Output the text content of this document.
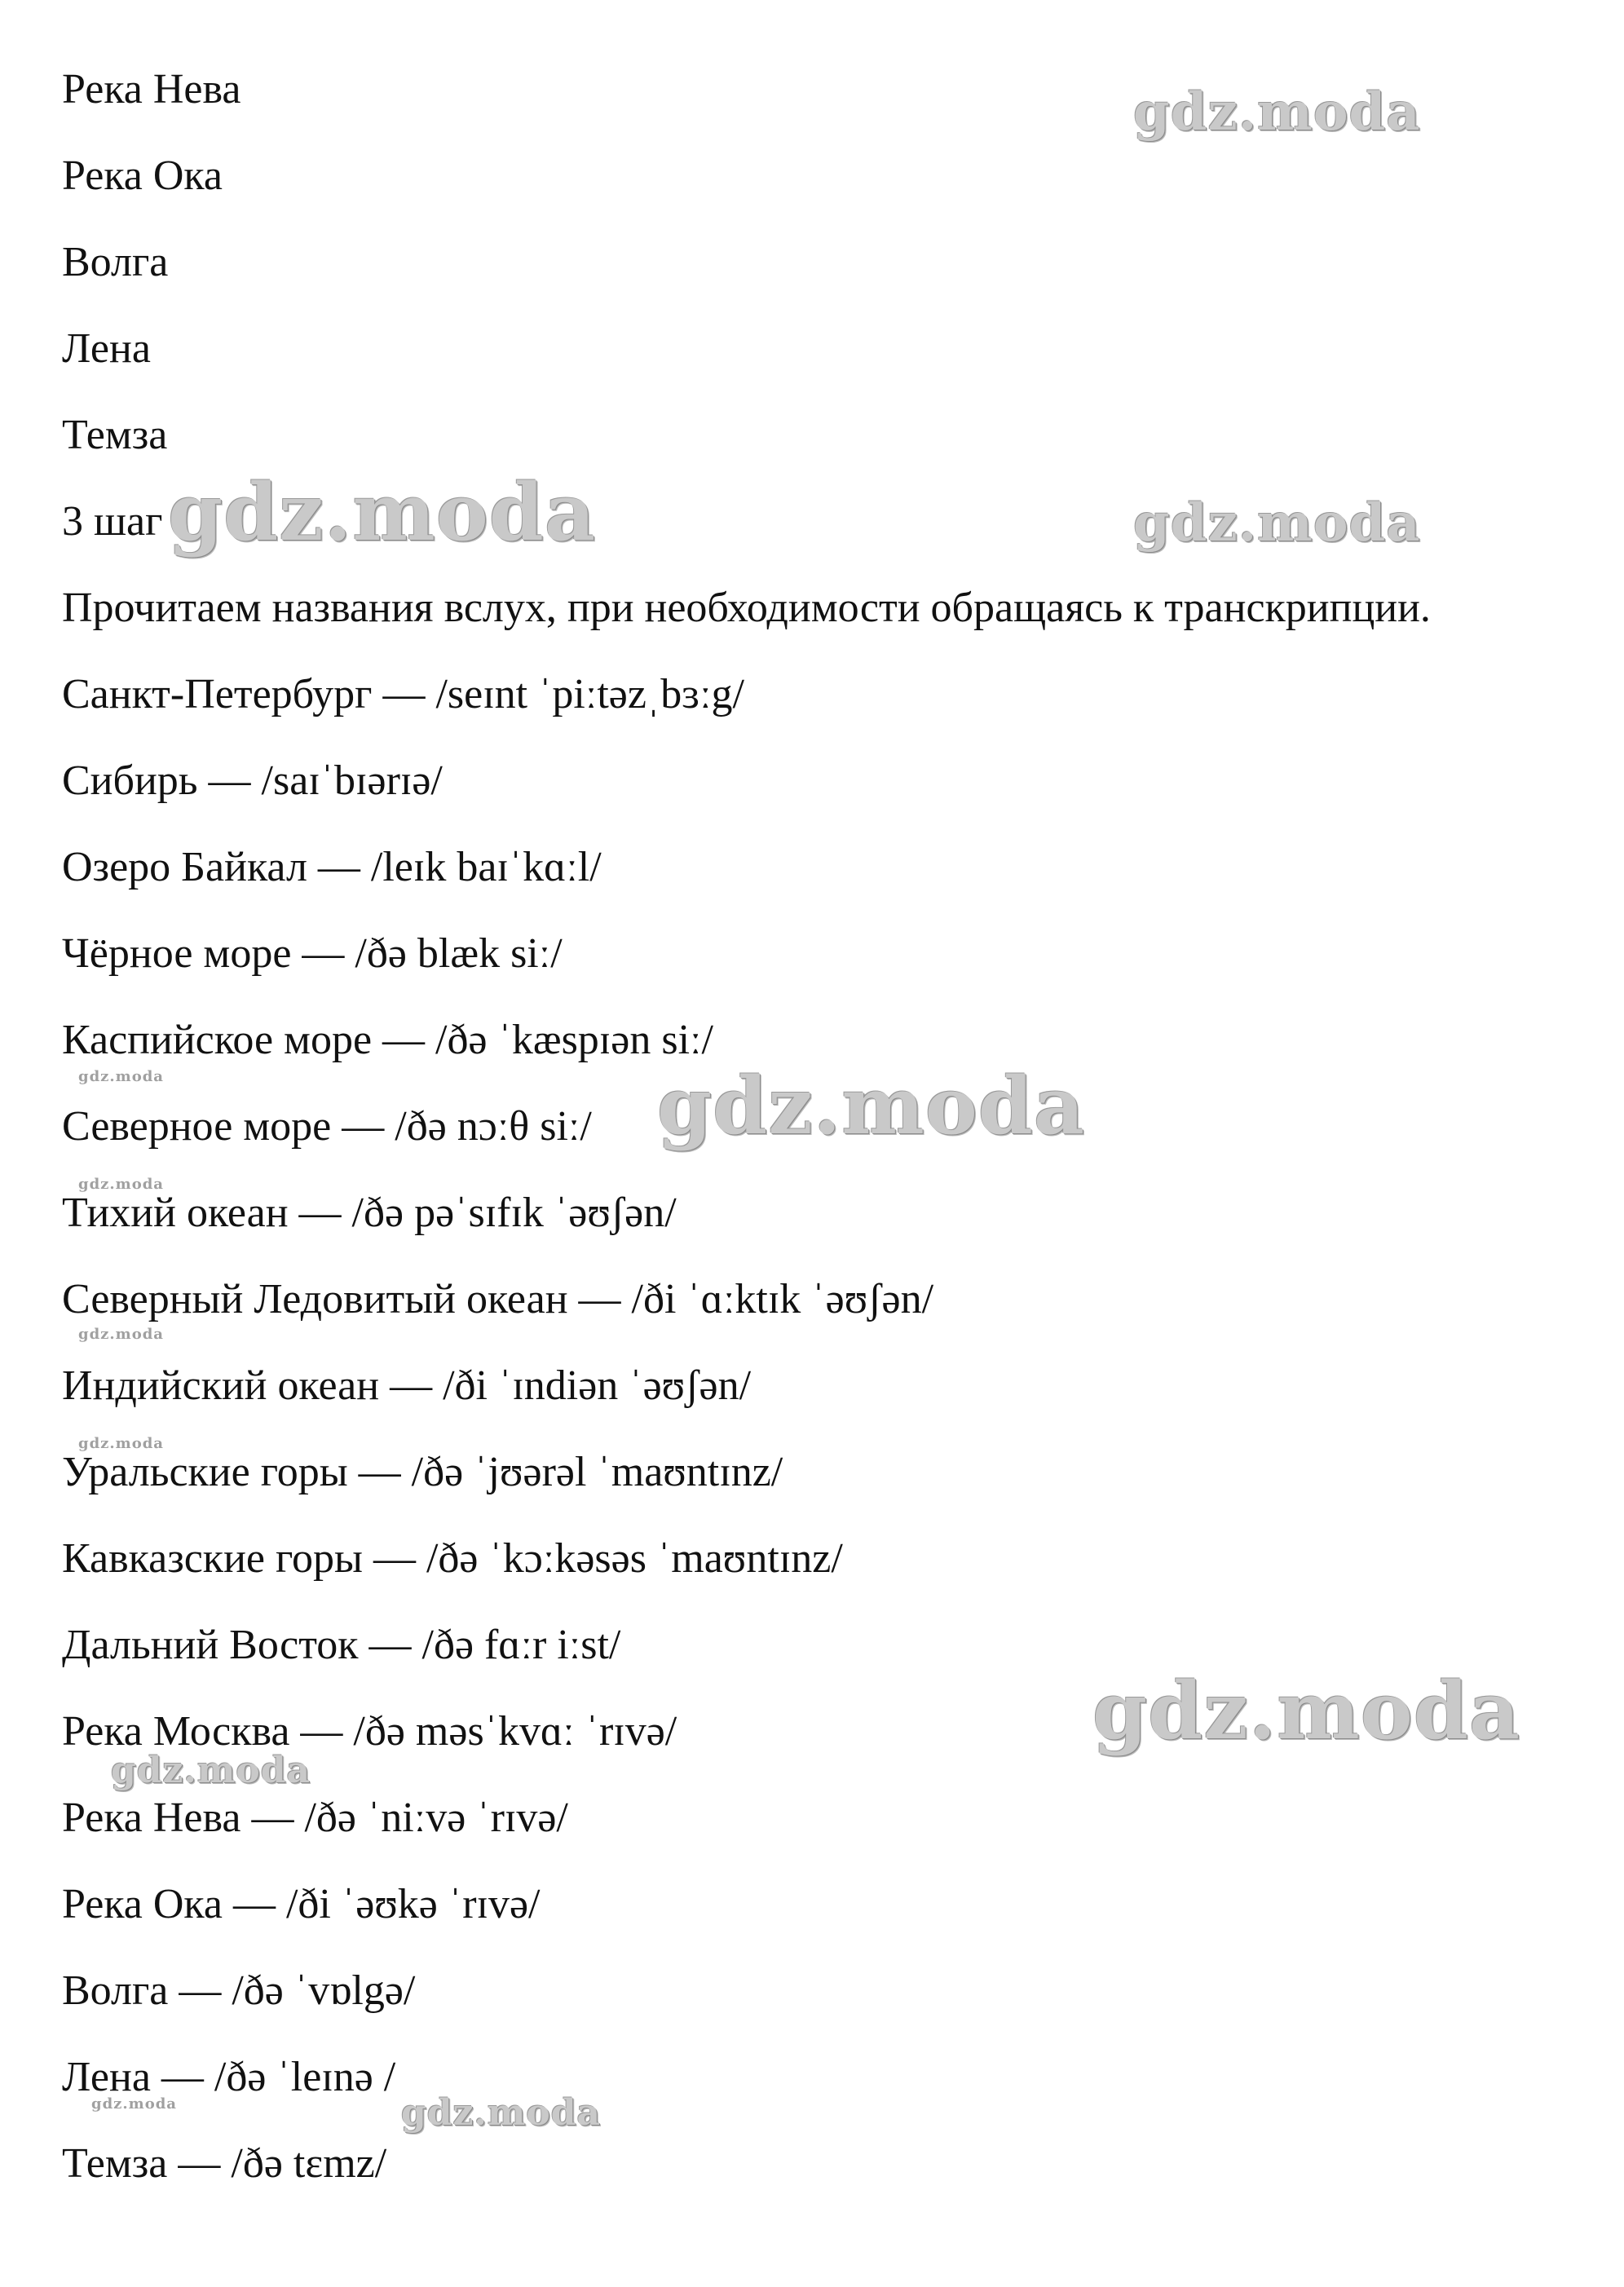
Река Нева
Река Ока
Волга
Лена
Темза
3 шаг
Прочитаем названия вслух, при необходимости обращаясь к транскрипции.
Санкт-Петербург — /seɪnt ˈpiːtəzˌbɜːg/
Сибирь — /saɪˈbɪərɪə/
Озеро Байкал — /leɪk baɪˈkɑːl/
Чёрное море — /ðə blæk siː/
Каспийское море — /ðə ˈkæspɪən siː/
Северное море — /ðə nɔːθ siː/
Тихий океан — /ðə pəˈsɪfɪk ˈəʊʃən/
Северный Ледовитый океан — /ði ˈɑːktɪk ˈəʊʃən/
Индийский океан — /ði ˈɪndiən ˈəʊʃən/
Уральские горы — /ðə ˈjʊərəl ˈmaʊntɪnz/
Кавказские горы — /ðə ˈkɔːkəsəs ˈmaʊntɪnz/
Дальний Восток — /ðə fɑːr iːst/
Река Москва — /ðə məsˈkvɑː ˈrɪvə/
Река Нева — /ðə ˈniːvə ˈrɪvə/
Река Ока — /ði ˈəʊkə ˈrɪvə/
Волга — /ðə ˈvɒlgə/
Лена — /ðə ˈleɪnə /
Темза — /ðə tɛmz/
gdz.moda
gdz.moda	gdz.moda
gdz.moda	gdz.moda
gdz.moda
gdz.moda
gdz.moda
gdz.moda
gdz.moda
gdz.moda	gdz.moda
